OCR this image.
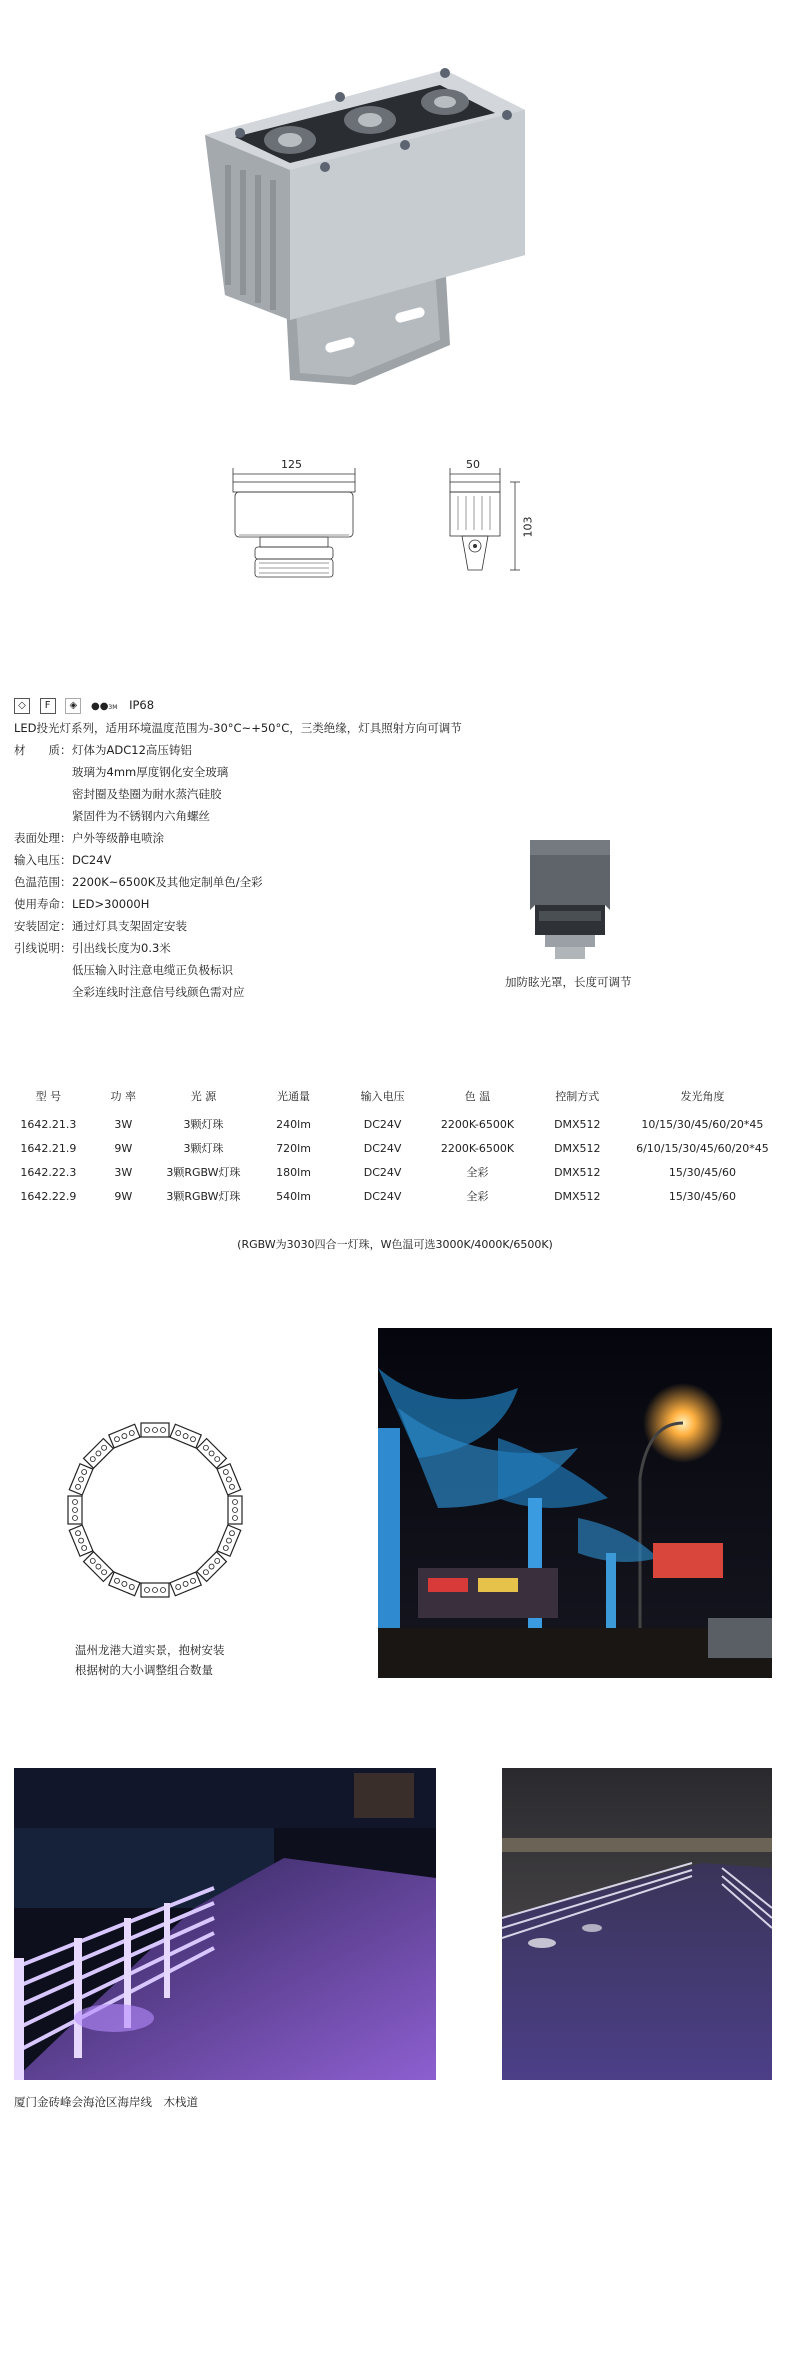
125	50
103
◇ F ◈ ●●3M IP68
LED投光灯系列，适用环境温度范围为-30°C~+50°C，三类绝缘，灯具照射方向可调节
材　　质：灯体为ADC12高压铸铝
玻璃为4mm厚度钢化安全玻璃
密封圈及垫圈为耐水蒸汽硅胶
紧固件为不锈钢内六角螺丝
表面处理：户外等级静电喷涂
输入电压：DC24V
色温范围：2200K~6500K及其他定制单色/全彩
使用寿命：LED>30000H
安装固定：通过灯具支架固定安装
引线说明：引出线长度为0.3米
低压输入时注意电缆正负极标识
全彩连线时注意信号线颜色需对应
加防眩光罩，长度可调节
型 号	功 率	光 源	光通量	输入电压	色 温	控制方式	发光角度
1642.21.3	3W	3颗灯珠	240lm	DC24V	2200K-6500K	DMX512	10/15/30/45/60/20*45
1642.21.9	9W	3颗灯珠	720lm	DC24V	2200K-6500K	DMX512	6/10/15/30/45/60/20*45
1642.22.3	3W	3颗RGBW灯珠	180lm	DC24V	全彩	DMX512	15/30/45/60
1642.22.9	9W	3颗RGBW灯珠	540lm	DC24V	全彩	DMX512	15/30/45/60
(RGBW为3030四合一灯珠，W色温可选3000K/4000K/6500K)
温州龙港大道实景，抱树安装
根据树的大小调整组合数量
厦门金砖峰会海沧区海岸线　木栈道
